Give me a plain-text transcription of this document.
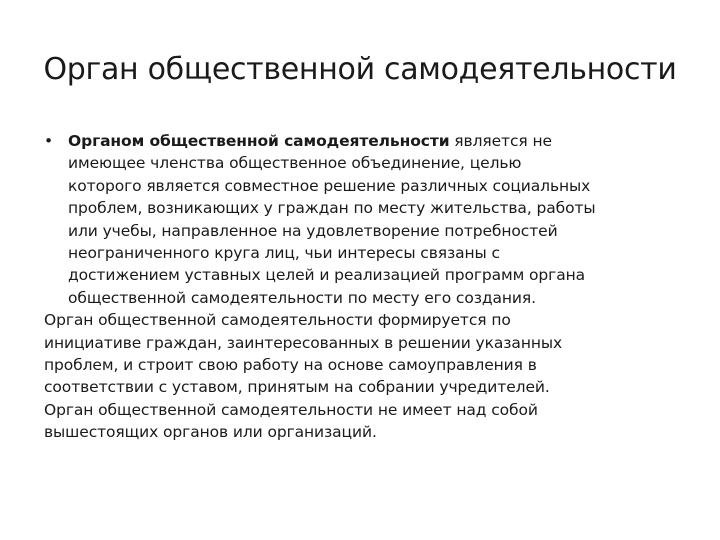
Орган общественной самодеятельности
• Органом общественной самодеятельности является не
имеющее членства общественное объединение, целью
которого является совместное решение различных социальных
проблем, возникающих у граждан по месту жительства, работы
или учебы, направленное на удовлетворение потребностей
неограниченного круга лиц, чьи интересы связаны с
достижением уставных целей и реализацией программ органа
общественной самодеятельности по месту его создания.
Орган общественной самодеятельности формируется по
инициативе граждан, заинтересованных в решении указанных
проблем, и строит свою работу на основе самоуправления в
соответствии с уставом, принятым на собрании учредителей.
Орган общественной самодеятельности не имеет над собой
вышестоящих органов или организаций.
